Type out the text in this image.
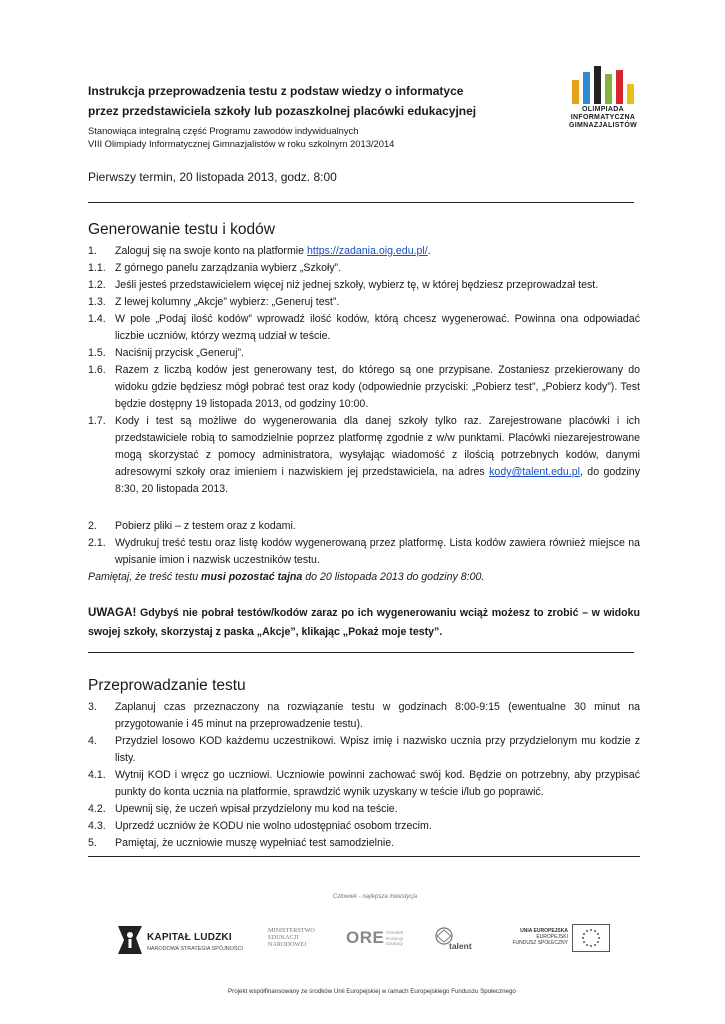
Instrukcja przeprowadzenia testu z podstaw wiedzy o informatyce
przez przedstawiciela szkoły lub pozaszkolnej placówki edukacyjnej
Stanowiąca integralną część Programu zawodów indywidualnych
VIII Olimpiady Informatycznej Gimnazjalistów w roku szkolnym 2013/2014
OLIMPIADA
INFORMATYCZNA
GIMNAZJALISTÓW
Pierwszy termin, 20 listopada 2013, godz. 8:00
Generowanie testu i kodów
1.	Zaloguj się na swoje konto na platformie https://zadania.oig.edu.pl/.
1.1. Z górnego panelu zarządzania wybierz „Szkoły”.
1.2. Jeśli jesteś przedstawicielem więcej niż jednej szkoły, wybierz tę, w której będziesz przeprowadzał test.
1.3. Z lewej kolumny „Akcje” wybierz: „Generuj test”.
1.4. W pole „Podaj ilość kodów” wprowadź ilość kodów, którą chcesz wygenerować. Powinna ona odpowiadać liczbie uczniów, którzy wezmą udział w teście.
1.5. Naciśnij przycisk „Generuj”.
1.6. Razem z liczbą kodów jest generowany test, do którego są one przypisane. Zostaniesz przekierowany do widoku gdzie będziesz mógł pobrać test oraz kody (odpowiednie przyciski: „Pobierz test”, „Pobierz kody”). Test będzie dostępny 19 listopada 2013, od godziny 10:00.
1.7. Kody i test są możliwe do wygenerowania dla danej szkoły tylko raz. Zarejestrowane placówki i ich przedstawiciele robią to samodzielnie poprzez platformę zgodnie z w/w punktami. Placówki niezarejestrowane mogą skorzystać z pomocy administratora, wysyłając wiadomość z ilością potrzebnych kodów, danymi adresowymi szkoły oraz imieniem i nazwiskiem jej przedstawiciela, na adres kody@talent.edu.pl, do godziny 8:30, 20 listopada 2013.
2.	Pobierz pliki – z testem oraz z kodami.
2.1. Wydrukuj treść testu oraz listę kodów wygenerowaną przez platformę. Lista kodów zawiera również miejsce na wpisanie imion i nazwisk uczestników testu.
Pamiętaj, że treść testu musi pozostać tajna do 20 listopada 2013 do godziny 8:00.
UWAGA! Gdybyś nie pobrał testów/kodów zaraz po ich wygenerowaniu wciąż możesz to zrobić – w widoku swojej szkoły, skorzystaj z paska „Akcje”, klikając „Pokaż moje testy”.
Przeprowadzanie testu
3.	Zaplanuj czas przeznaczony na rozwiązanie testu w godzinach 8:00-9:15 (ewentualne 30 minut na przygotowanie i 45 minut na przeprowadzenie testu).
4.	Przydziel losowo KOD każdemu uczestnikowi. Wpisz imię i nazwisko ucznia przy przydzielonym mu kodzie z listy.
4.1. Wytnij KOD i wręcz go uczniowi. Uczniowie powinni zachować swój kod. Będzie on potrzebny, aby przypisać punkty do konta ucznia na platformie, sprawdzić wynik uzyskany w teście i/lub go poprawić.
4.2. Upewnij się, że uczeń wpisał przydzielony mu kod na teście.
4.3. Uprzedź uczniów że KODU nie wolno udostępniać osobom trzecim.
5.	Pamiętaj, że uczniowie muszę wypełniać test samodzielnie.
Człowiek - najlepsza inwestycja
KAPITAŁ LUDZKI
NARODOWA STRATEGIA SPÓJNOŚCI
MINISTERSTWO
EDUKACJI
NARODOWEJ	ORE Ośrodek
Rozwoju
Edukacji	talent
UNIA EUROPEJSKA
EUROPEJSKI
FUNDUSZ SPOŁECZNY
Projekt współfinansowany ze środków Unii Europejskiej w ramach Europejskiego Funduszu Społecznego
